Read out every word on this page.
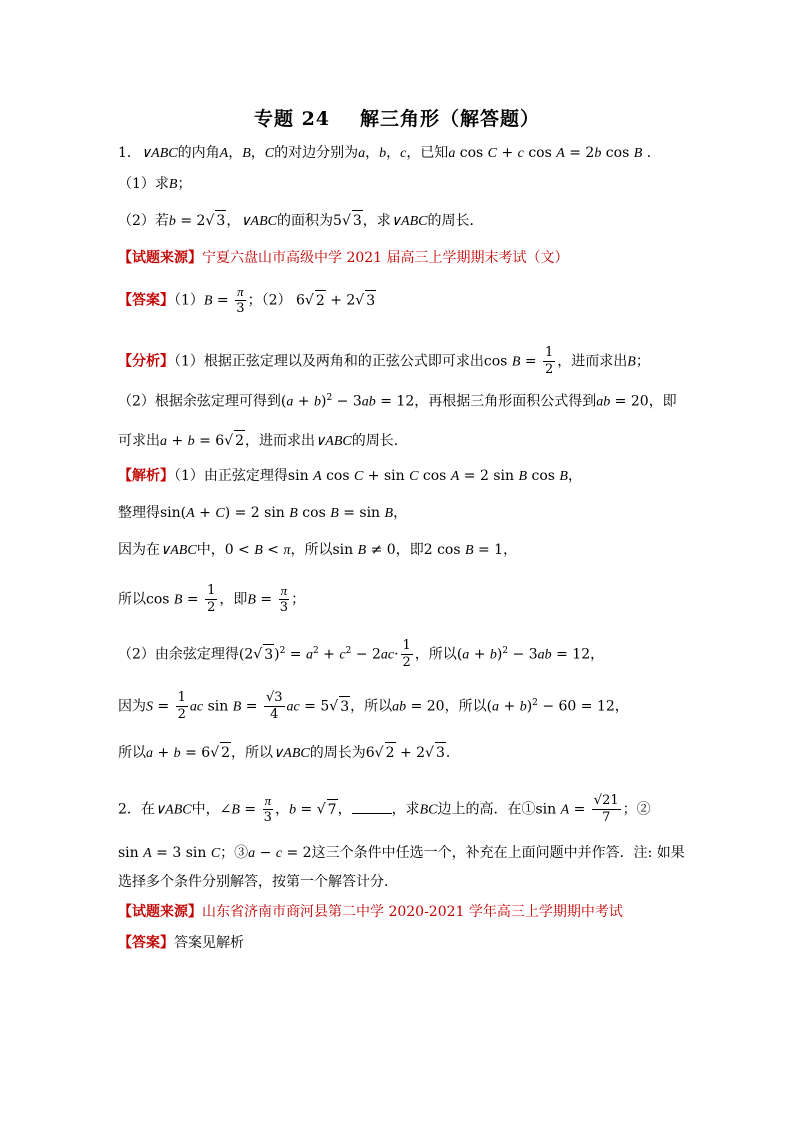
专题 24 解三角形（解答题）
1．∨ABC的内角A，B，C的对边分别为a，b，c，已知a cos C + c cos A = 2b cos B ．
（1）求B；
（2）若b = 2√ 3，∨ABC的面积为5√ 3，求∨ABC的周长．
【试题来源】宁夏六盘山市高级中学 2021 届高三上学期期末考试（文）
【答案】$(1)B = \frac{\pi}{3}$ ；（2） 6√ 2 + 2√ 3
【分析】（1）根据正弦定理以及两角和的正弦公式即可求出$\cos B = \frac{1}{2}$ ，进而求出B；
（2）根据余弦定理可得到$(a + b)^2 - 3ab = 12$，再根据三角形面积公式得到ab = 20，即
可求出a + b = 6√ 2，进而求出∨ABC的周长．
【解析】（1）由正弦定理得sin A cos C + sin C cos A = 2 sin B cos B，
整理得sin(A + C) = 2 sin B cos B = sin B，
因为在∨ABC中，0 < B < π，所以sin B ≠ 0，即2 cos B = 1，
所以$\cos B = \frac{1}{2}$ ，即$B = \frac{\pi}{3}$ ；
（2）由余弦定理得(2√ $3)^2 = a^2 + c^2 - 2ac\cdot \frac{1}{2}$ ，所以$(a + b)^2 - 3ab = 12$，
因为$S = \frac{1}{2}$ ac $\sin B = \frac{√3}{4}$ ac = 5√ 3，所以ab = 20，所以$(a + b)^2 - 60 = 12$，
所以a + b = 6√ 2，所以∨ABC的周长为6√ 2 + 2√ 3．
2．在∨ABC中，∠B = $\frac{\pi}{3}$ ，b = √ 7，	，求BC边上的高．在①sin $A = \frac{√21}{7}$ ；②
sin A = 3 sin C；③a − c = 2这三个条件中任选一个，补充在上面问题中并作答．注: 如果
选择多个条件分别解答，按第一个解答计分．
【试题来源】山东省济南市商河县第二中学 2020-2021 学年高三上学期期中考试
【答案】答案见解析
